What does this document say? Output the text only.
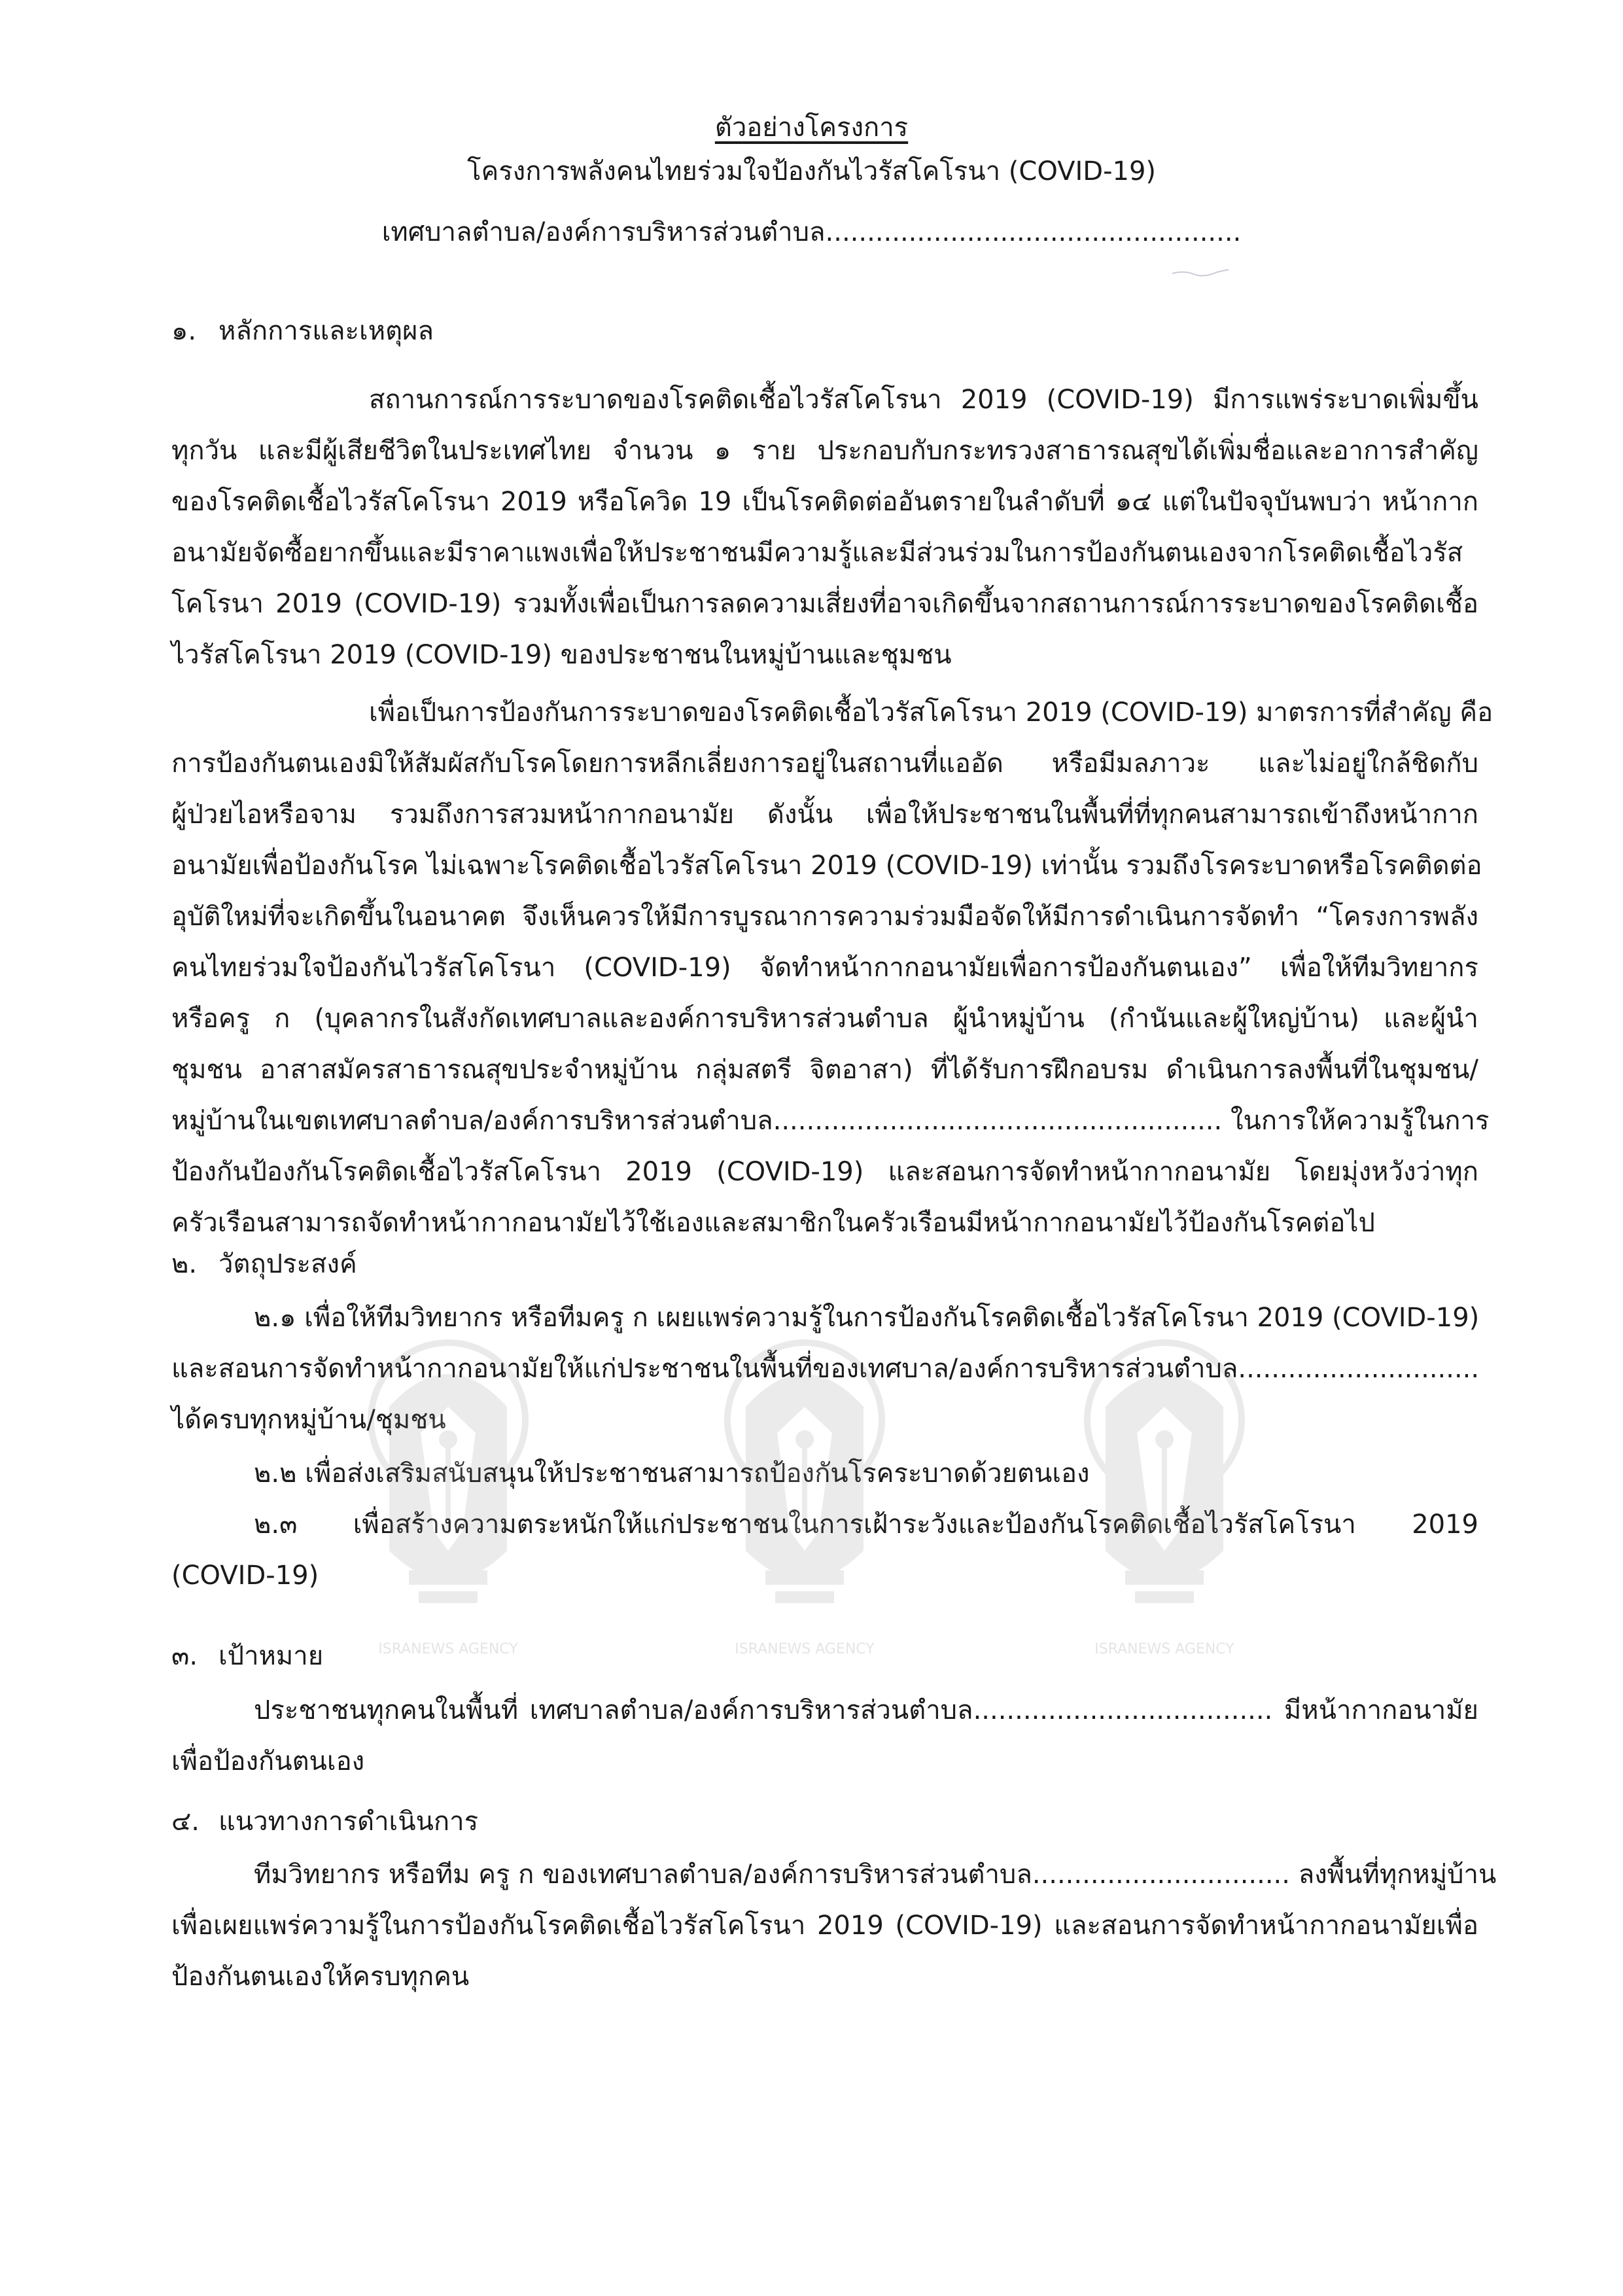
ตัวอย่างโครงการ
โครงการพลังคนไทยร่วมใจป้องกันไวรัสโคโรนา (COVID-19)
เทศบาลตำบล/องค์การบริหารส่วนตำบล..................................................
๑. หลักการและเหตุผล
สถานการณ์การระบาดของโรคติดเชื้อไวรัสโคโรนา 2019 (COVID-19) มีการแพร่ระบาดเพิ่มขึ้น
ทุกวัน และมีผู้เสียชีวิตในประเทศไทย จำนวน ๑ ราย ประกอบกับกระทรวงสาธารณสุขได้เพิ่มชื่อและอาการสำคัญ
ของโรคติดเชื้อไวรัสโคโรนา 2019 หรือโควิด 19 เป็นโรคติดต่ออันตรายในลำดับที่ ๑๔ แต่ในปัจจุบันพบว่า หน้ากาก
อนามัยจัดซื้อยากขึ้นและมีราคาแพงเพื่อให้ประชาชนมีความรู้และมีส่วนร่วมในการป้องกันตนเองจากโรคติดเชื้อไวรัส
โคโรนา 2019 (COVID-19) รวมทั้งเพื่อเป็นการลดความเสี่ยงที่อาจเกิดขึ้นจากสถานการณ์การระบาดของโรคติดเชื้อ
ไวรัสโคโรนา 2019 (COVID-19) ของประชาชนในหมู่บ้านและชุมชน
เพื่อเป็นการป้องกันการระบาดของโรคติดเชื้อไวรัสโคโรนา 2019 (COVID-19) มาตรการที่สำคัญ คือ
การป้องกันตนเองมิให้สัมผัสกับโรคโดยการหลีกเลี่ยงการอยู่ในสถานที่แออัด หรือมีมลภาวะ และไม่อยู่ใกล้ชิดกับ
ผู้ป่วยไอหรือจาม รวมถึงการสวมหน้ากากอนามัย ดังนั้น เพื่อให้ประชาชนในพื้นที่ที่ทุกคนสามารถเข้าถึงหน้ากาก
อนามัยเพื่อป้องกันโรค ไม่เฉพาะโรคติดเชื้อไวรัสโคโรนา 2019 (COVID-19) เท่านั้น รวมถึงโรคระบาดหรือโรคติดต่อ
อุบัติใหม่ที่จะเกิดขึ้นในอนาคต จึงเห็นควรให้มีการบูรณาการความร่วมมือจัดให้มีการดำเนินการจัดทำ “โครงการพลัง
คนไทยร่วมใจป้องกันไวรัสโคโรนา (COVID-19) จัดทำหน้ากากอนามัยเพื่อการป้องกันตนเอง” เพื่อให้ทีมวิทยากร
หรือครู ก (บุคลากรในสังกัดเทศบาลและองค์การบริหารส่วนตำบล ผู้นำหมู่บ้าน (กำนันและผู้ใหญ่บ้าน) และผู้นำ
ชุมชน อาสาสมัครสาธารณสุขประจำหมู่บ้าน กลุ่มสตรี จิตอาสา) ที่ได้รับการฝึกอบรม ดำเนินการลงพื้นที่ในชุมชน/
หมู่บ้านในเขตเทศบาลตำบล/องค์การบริหารส่วนตำบล...................................................... ในการให้ความรู้ในการ
ป้องกันป้องกันโรคติดเชื้อไวรัสโคโรนา 2019 (COVID-19) และสอนการจัดทำหน้ากากอนามัย โดยมุ่งหวังว่าทุก
ครัวเรือนสามารถจัดทำหน้ากากอนามัยไว้ใช้เองและสมาชิกในครัวเรือนมีหน้ากากอนามัยไว้ป้องกันโรคต่อไป
๒. วัตถุประสงค์
๒.๑ เพื่อให้ทีมวิทยากร หรือทีมครู ก เผยแพร่ความรู้ในการป้องกันโรคติดเชื้อไวรัสโคโรนา 2019 (COVID-19)
และสอนการจัดทำหน้ากากอนามัยให้แก่ประชาชนในพื้นที่ของเทศบาล/องค์การบริหารส่วนตำบล.............................
ได้ครบทุกหมู่บ้าน/ชุมชน
๒.๒ เพื่อส่งเสริมสนับสนุนให้ประชาชนสามารถป้องกันโรคระบาดด้วยตนเอง
๒.๓ เพื่อสร้างความตระหนักให้แก่ประชาชนในการเฝ้าระวังและป้องกันโรคติดเชื้อไวรัสโคโรนา 2019
(COVID-19)
๓. เป้าหมาย
ประชาชนทุกคนในพื้นที่ เทศบาลตำบล/องค์การบริหารส่วนตำบล.................................... มีหน้ากากอนามัย
เพื่อป้องกันตนเอง
๔. แนวทางการดำเนินการ
ทีมวิทยากร หรือทีม ครู ก ของเทศบาลตำบล/องค์การบริหารส่วนตำบล............................... ลงพื้นที่ทุกหมู่บ้าน
เพื่อเผยแพร่ความรู้ในการป้องกันโรคติดเชื้อไวรัสโคโรนา 2019 (COVID-19) และสอนการจัดทำหน้ากากอนามัยเพื่อ
ป้องกันตนเองให้ครบทุกคน
ISRANEWS AGENCY	ISRANEWS AGENCY	ISRANEWS AGENCY
